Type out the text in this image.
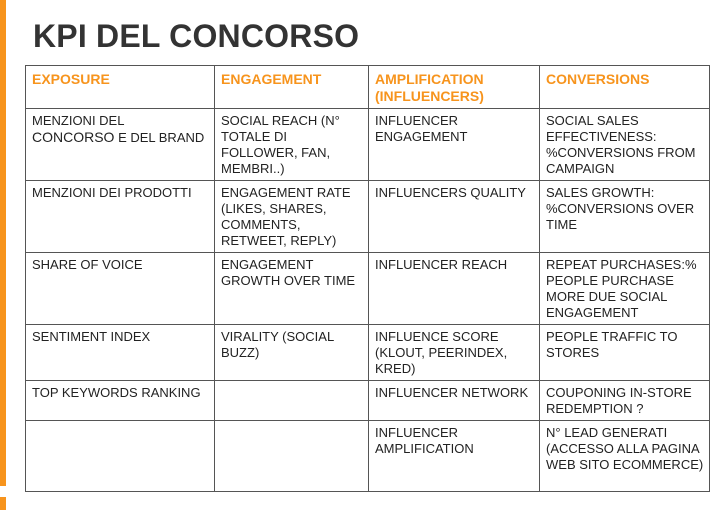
KPI DEL CONCORSO
EXPOSURE	ENGAGEMENT	AMPLIFICATION (INFLUENCERS)	CONVERSIONS
MENZIONI DEL CONCORSO E DEL BRAND	SOCIAL REACH (N° TOTALE DI FOLLOWER, FAN, MEMBRI..)	INFLUENCER ENGAGEMENT	SOCIAL SALES EFFECTIVENESS: %CONVERSIONS FROM CAMPAIGN
MENZIONI DEI PRODOTTI	ENGAGEMENT RATE (LIKES, SHARES, COMMENTS, RETWEET, REPLY)	INFLUENCERS QUALITY	SALES GROWTH: %CONVERSIONS OVER TIME
SHARE OF VOICE	ENGAGEMENT GROWTH OVER TIME	INFLUENCER REACH	REPEAT PURCHASES:% PEOPLE PURCHASE MORE DUE SOCIAL ENGAGEMENT
SENTIMENT INDEX	VIRALITY (SOCIAL BUZZ)	INFLUENCE SCORE (KLOUT, PEERINDEX, KRED)	PEOPLE TRAFFIC TO STORES
TOP KEYWORDS RANKING		INFLUENCER NETWORK	COUPONING IN-STORE REDEMPTION ?
		INFLUENCER AMPLIFICATION	N° LEAD GENERATI (ACCESSO ALLA PAGINA WEB SITO ECOMMERCE)
